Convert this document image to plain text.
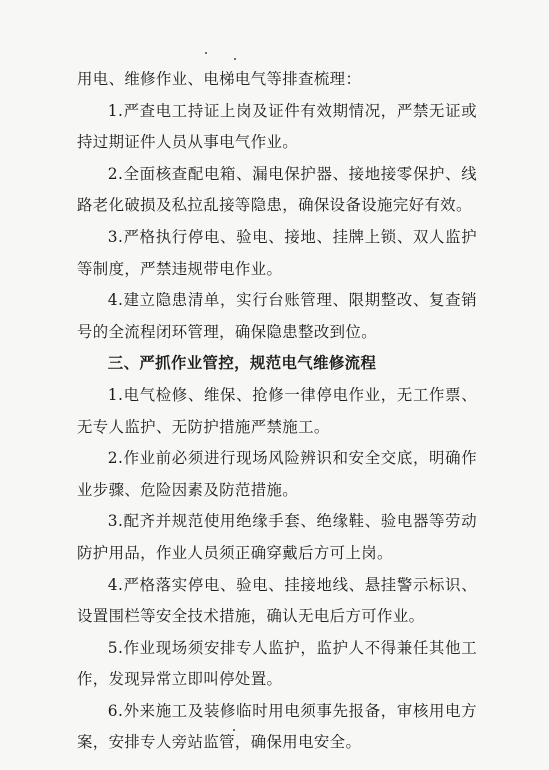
用电、维修作业、电梯电气等排查梳理：

1.严查电工持证上岗及证件有效期情况，严禁无证或持过期证件人员从事电气作业。

2.全面核查配电箱、漏电保护器、接地接零保护、线路老化破损及私拉乱接等隐患，确保设备设施完好有效。

3.严格执行停电、验电、接地、挂牌上锁、双人监护等制度，严禁违规带电作业。

4.建立隐患清单，实行台账管理、限期整改、复查销号的全流程闭环管理，确保隐患整改到位。

三、严抓作业管控，规范电气维修流程

1.电气检修、维保、抢修一律停电作业，无工作票、无专人监护、无防护措施严禁施工。

2.作业前必须进行现场风险辨识和安全交底，明确作业步骤、危险因素及防范措施。

3.配齐并规范使用绝缘手套、绝缘鞋、验电器等劳动防护用品，作业人员须正确穿戴后方可上岗。

4.严格落实停电、验电、挂接地线、悬挂警示标识、设置围栏等安全技术措施，确认无电后方可作业。

5.作业现场须安排专人监护，监护人不得兼任其他工作，发现异常立即叫停处置。

6.外来施工及装修临时用电须事先报备，审核用电方案，安排专人旁站监管，确保用电安全。
